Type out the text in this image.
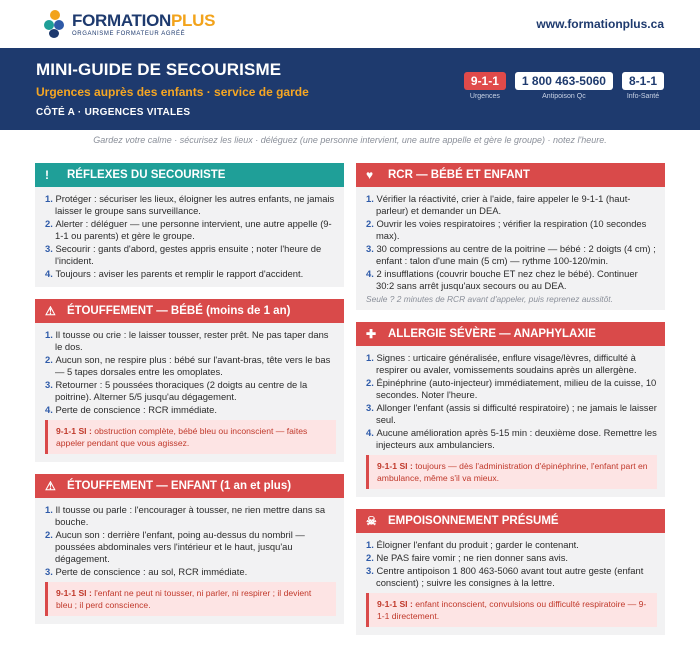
FORMATIONPLUS
ORGANISME FORMATEUR AGRÉÉ
www.formationplus.ca
MINI-GUIDE DE SECOURISME
Urgences auprès des enfants · service de garde
CÔTÉ A · URGENCES VITALES
9-1-1
Urgences
1 800 463-5060
Antipoison Qc
8-1-1
Info-Santé
Gardez votre calme · sécurisez les lieux · déléguez (une personne intervient, une autre appelle et gère le groupe) · notez l'heure.
!	RÉFLEXES DU SECOURISTE
1. Protéger : sécuriser les lieux, éloigner les autres enfants, ne jamais laisser le groupe sans surveillance.
2. Alerter : déléguer — une personne intervient, une autre appelle (9-1-1 ou parents) et gère le groupe.
3. Secourir : gants d'abord, gestes appris ensuite ; noter l'heure de l'incident.
4. Toujours : aviser les parents et remplir le rapport d'accident.
⚠ ÉTOUFFEMENT — BÉBÉ (moins de 1 an)
1. Il tousse ou crie : le laisser tousser, rester prêt. Ne pas taper dans le dos.
2. Aucun son, ne respire plus : bébé sur l'avant-bras, tête vers le bas — 5 tapes dorsales entre les omoplates.
3. Retourner : 5 poussées thoraciques (2 doigts au centre de la poitrine). Alterner 5/5 jusqu'au dégagement.
4. Perte de conscience : RCR immédiate.
9-1-1 SI : obstruction complète, bébé bleu ou inconscient — faites appeler pendant que vous agissez.
⚠ ÉTOUFFEMENT — ENFANT (1 an et plus)
1. Il tousse ou parle : l'encourager à tousser, ne rien mettre dans sa bouche.
2. Aucun son : derrière l'enfant, poing au-dessus du nombril — poussées abdominales vers l'intérieur et le haut, jusqu'au dégagement.
3. Perte de conscience : au sol, RCR immédiate.
9-1-1 SI : l'enfant ne peut ni tousser, ni parler, ni respirer ; il devient bleu ; il perd conscience.
♥	RCR — BÉBÉ ET ENFANT
1. Vérifier la réactivité, crier à l'aide, faire appeler le 9-1-1 (haut-parleur) et demander un DEA.
2. Ouvrir les voies respiratoires ; vérifier la respiration (10 secondes max).
3. 30 compressions au centre de la poitrine — bébé : 2 doigts (4 cm) ; enfant : talon d'une main (5 cm) — rythme 100-120/min.
4. 2 insufflations (couvrir bouche ET nez chez le bébé). Continuer 30:2 sans arrêt jusqu'aux secours ou au DEA.
Seule ? 2 minutes de RCR avant d'appeler, puis reprenez aussitôt.
✚	ALLERGIE SÉVÈRE — ANAPHYLAXIE
1. Signes : urticaire généralisée, enflure visage/lèvres, difficulté à respirer ou avaler, vomissements soudains après un allergène.
2. Épinéphrine (auto-injecteur) immédiatement, milieu de la cuisse, 10 secondes. Noter l'heure.
3. Allonger l'enfant (assis si difficulté respiratoire) ; ne jamais le laisser seul.
4. Aucune amélioration après 5-15 min : deuxième dose. Remettre les injecteurs aux ambulanciers.
9-1-1 SI : toujours — dès l'administration d'épinéphrine, l'enfant part en ambulance, même s'il va mieux.
☠ EMPOISONNEMENT PRÉSUMÉ
1. Éloigner l'enfant du produit ; garder le contenant.
2. Ne PAS faire vomir ; ne rien donner sans avis.
3. Centre antipoison 1 800 463-5060 avant tout autre geste (enfant conscient) ; suivre les consignes à la lettre.
9-1-1 SI : enfant inconscient, convulsions ou difficulté respiratoire — 9-1-1 directement.
